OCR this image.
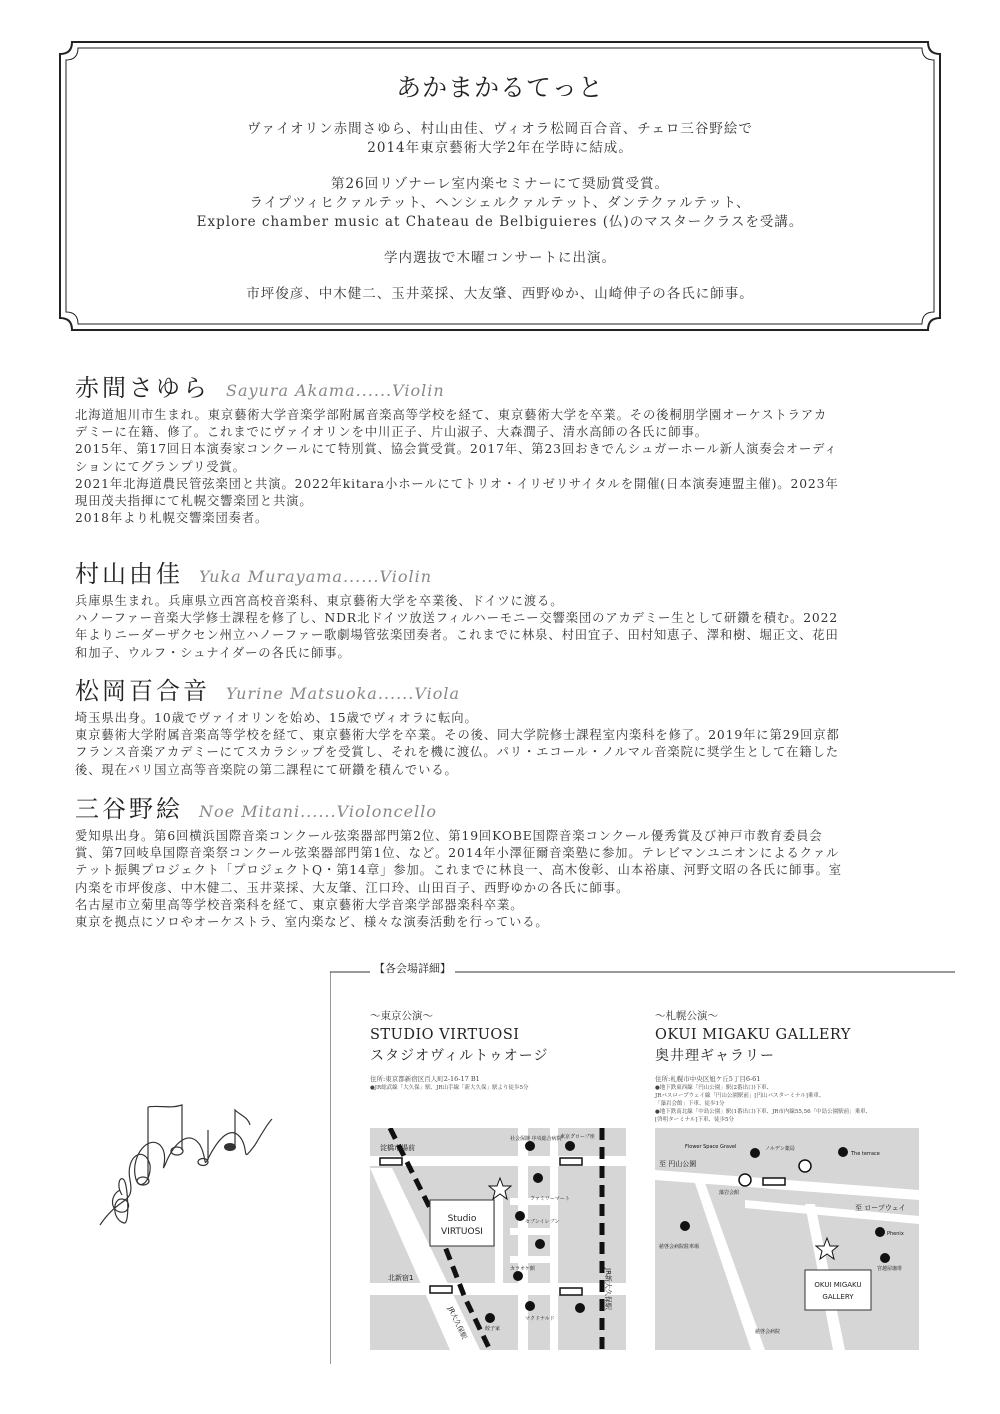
あかまかるてっと

ヴァイオリン赤間さゆら、村山由佳、ヴィオラ松岡百合音、チェロ三谷野絵で
2014年東京藝術大学2年在学時に結成。

第26回リゾナーレ室内楽セミナーにて奨励賞受賞。
ライプツィヒクァルテット、ヘンシェルクァルテット、ダンテクァルテット、
Explore chamber music at Chateau de Belbiguieres (仏)のマスタークラスを受講。

学内選抜で木曜コンサートに出演。

市坪俊彦、中木健二、玉井菜採、大友肇、西野ゆか、山崎伸子の各氏に師事。

赤間さゆら Sayura Akama......Violin
北海道旭川市生まれ。東京藝術大学音楽学部附属音楽高等学校を経て、東京藝術大学を卒業。その後桐朋学園オーケストラアカ
デミーに在籍、修了。これまでにヴァイオリンを中川正子、片山淑子、大森潤子、清水高師の各氏に師事。
2015年、第17回日本演奏家コンクールにて特別賞、協会賞受賞。2017年、第23回おきでんシュガーホール新人演奏会オーディ
ションにてグランプリ受賞。
2021年北海道農民管弦楽団と共演。2022年kitara小ホールにてトリオ・イリゼリサイタルを開催(日本演奏連盟主催)。2023年
現田茂夫指揮にて札幌交響楽団と共演。
2018年より札幌交響楽団奏者。
村山由佳 Yuka Murayama......Violin
兵庫県生まれ。兵庫県立西宮高校音楽科、東京藝術大学を卒業後、ドイツに渡る。
ハノーファー音楽大学修士課程を修了し、NDR北ドイツ放送フィルハーモニー交響楽団のアカデミー生として研鑽を積む。2022
年よりニーダーザクセン州立ハノーファー歌劇場管弦楽団奏者。これまでに林泉、村田宜子、田村知恵子、澤和樹、堀正文、花田
和加子、ウルフ・シュナイダーの各氏に師事。
松岡百合音 Yurine Matsuoka......Viola
埼玉県出身。10歳でヴァイオリンを始め、15歳でヴィオラに転向。
東京藝術大学附属音楽高等学校を経て、東京藝術大学を卒業。その後、同大学院修士課程室内楽科を修了。2019年に第29回京都
フランス音楽アカデミーにてスカラシップを受賞し、それを機に渡仏。パリ・エコール・ノルマル音楽院に奨学生として在籍した
後、現在パリ国立高等音楽院の第二課程にて研鑽を積んでいる。
三谷野絵 Noe Mitani......Violoncello
愛知県出身。第6回横浜国際音楽コンクール弦楽器部門第2位、第19回KOBE国際音楽コンクール優秀賞及び神戸市教育委員会
賞、第7回岐阜国際音楽祭コンクール弦楽器部門第1位、など。2014年小澤征爾音楽塾に参加。テレビマンユニオンによるクァル
テット振興プロジェクト「プロジェクトQ・第14章」参加。これまでに林良一、高木俊彰、山本裕康、河野文昭の各氏に師事。室
内楽を市坪俊彦、中木健二、玉井菜採、大友肇、江口玲、山田百子、西野ゆかの各氏に師事。
名古屋市立菊里高等学校音楽科を経て、東京藝術大学音楽学部器楽科卒業。
東京を拠点にソロやオーケストラ、室内楽など、様々な演奏活動を行っている。
【各会場詳細】
〜東京公演〜
STUDIO VIRTUOSI
スタジオヴィルトゥオージ
住所:東京都新宿区百人町2-16-17 B1
●JR総武線「大久保」駅、JR山手線「新大久保」駅より徒歩5分
〜札幌公演〜
OKUI MIGAKU GALLERY
奥井理ギャラリー
住所:札幌市中央区旭ケ丘5丁目6-61
●地下鉄東西線「円山公園」駅(2番出口)下車、
JRバスロープウェイ線「円山公園駅前」[円山バスターミナル]乗車、
「藻岩会館」下車、徒歩1分
●地下鉄南北線「中島公園」駅(1番出口)下車、JR市内線55,56「中島公園駅前」乗車、
[啓明ターミナル]下車、徒歩5分
Studio
VIRTUOSI
淀橋市場前
北新宿1
社会保険 中央総合病院
東京グローブ座
ファミリーマート
セブンイレブン
カラオケ館
マクドナルド
餃子家
JR大久保駅
JR新大久保駅	OKUI MIGAKU
GALLERY
至 円山公園
至 ロープウェイ
Flower Space Gravel	ノルデン薬局
The terrace
藻岩会館
Phenix
慈啓会病院駐車場
慈啓会病院
宮越屋珈琲
